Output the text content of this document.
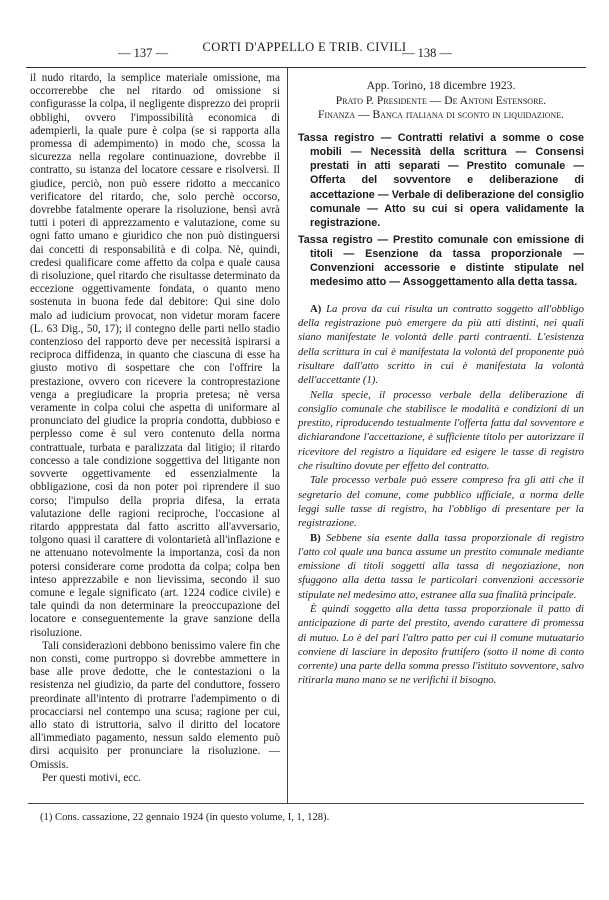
— 137 —	CORTI D'APPELLO E TRIB. CIVILI
— 138 —

il nudo ritardo, la semplice materiale omissione, ma occorrerebbe che nel ritardo od omissione si configurasse la colpa, il negligente disprezzo dei proprii obblighi, ovvero l'impossibilità economica di adempierli, la quale pure è colpa (se si rapporta alla promessa di adempimento) in modo che, scossa la sicurezza nella regolare continuazione, dovrebbe il contratto, su istanza del locatore cessare e risolversi. Il giudice, perciò, non può essere ridotto a meccanico verificatore del ritardo, che, solo perchè occorso, dovrebbe fatalmente operare la risoluzione, bensì avrà tutti i poteri di apprezzamento e valutazione, come su ogni fatto umano e giuridico che non può distinguersi dai concetti di responsabilità e di colpa. Nè, quindi, credesi qualificare come affetto da colpa e quale causa di risoluzione, quel ritardo che risultasse determinato da eccezione oggettivamente fondata, o quanto meno sostenuta in buona fede dal debitore: Qui sine dolo malo ad iudicium provocat, non videtur moram facere (L. 63 Dig., 50, 17); il contegno delle parti nello stadio contenzioso del rapporto deve per necessità ispirarsi a reciproca diffidenza, in quanto che ciascuna di esse ha giusto motivo di sospettare che con l'offrire la prestazione, ovvero con ricevere la controprestazione venga a pregiudicare la propria pretesa; nè versa veramente in colpa colui che aspetta di uniformare al pronunciato del giudice la propria condotta, dubbioso e perplesso come è sul vero contenuto della norma contrattuale, turbata e paralizzata dal litigio; il ritardo concesso a tale condizione soggettiva del litigante non sovverte oggettivamente ed essenzialmente la obbligazione, così da non poter poi riprendere il suo corso; l'impulso della propria difesa, la errata valutazione delle ragioni reciproche, l'occasione al ritardo appprestata dal fatto ascritto all'avversario, tolgono quasi il carattere di volontarietà all'inflazione e ne attenuano notevolmente la importanza, così da non potersi considerare come prodotta da colpa; colpa ben inteso apprezzabile e non lievissima, secondo il suo comune e legale significato (art. 1224 codice civile) e tale quindi da non determinare la preoccupazione del locatore e conseguentemente la grave sanzione della risoluzione.

Tali considerazioni debbono benissimo valere fin che non consti, come purtroppo si dovrebbe ammettere in base alle prove dedotte, che le contestazioni o la resistenza nel giudizio, da parte del conduttore, fossero preordinate all'intento di protrarre l'adempimento o di procacciarsi nel contempo una scusa; ragione per cui, allo stato di istruttoria, salvo il diritto del locatore all'immediato pagamento, nessun saldo elemento può dirsi acquisito per pronunciare la risoluzione. — Omissis.

Per questi motivi, ecc.

App. Torino, 18 dicembre 1923.
Prato P. Presidente — De Antoni Estensore.
Finanza — Banca italiana di sconto in liquidazione.
Tassa registro — Contratti relativi a somme o cose mobili — Necessità della scrittura — Consensi prestati in atti separati — Prestito comunale — Offerta del sovventore e deliberazione di accettazione — Verbale di deliberazione del consiglio comunale — Atto su cui si opera validamente la registrazione.
Tassa registro — Prestito comunale con emissione di titoli — Esenzione da tassa proporzionale — Convenzioni accessorie e distinte stipulate nel medesimo atto — Assoggettamento alla detta tassa.

A) La prova da cui risulta un contratto soggetto all'obbligo della registrazione può emergere da più atti distinti, nei quali siano manifestate le volontà delle parti contraenti. L'esistenza della scrittura in cui è manifestata la volontà del proponente può risultare dall'atto scritto in cui è manifestata la volontà dell'accettante (1).

Nella specie, il processo verbale della deliberazione di consiglio comunale che stabilisce le modalità e condizioni di un prestito, riproducendo testualmente l'offerta fatta dal sovventore e dichiarandone l'accettazione, è sufficiente titolo per autorizzare il ricevitore del registro a liquidare ed esigere le tasse di registro che risultino dovute per effetto del contratto.

Tale processo verbale può essere compreso fra gli atti che il segretario del comune, come pubblico ufficiale, a norma delle leggi sulle tasse di registro, ha l'obbligo di presentare per la registrazione.

B) Sebbene sia esente dalla tassa proporzionale di registro l'atto col quale una banca assume un prestito comunale mediante emissione di titoli soggetti alla tassa di negoziazione, non sfuggono alla detta tassa le particolari convenzioni accessorie stipulate nel medesimo atto, estranee alla sua finalità principale.

È quindi soggetto alla detta tassa proporzionale il patto di anticipazione di parte del prestito, avendo carattere di promessa di mutuo. Lo è del pari l'altro patto per cui il comune mutuatario conviene di lasciare in deposito fruttifero (sotto il nome di conto corrente) una parte della somma presso l'istituto sovventore, salvo ritirarla mano mano se ne verifichi il bisogno.

(1) Cons. cassazione, 22 gennaio 1924 (in questo volume, I, 1, 128).
